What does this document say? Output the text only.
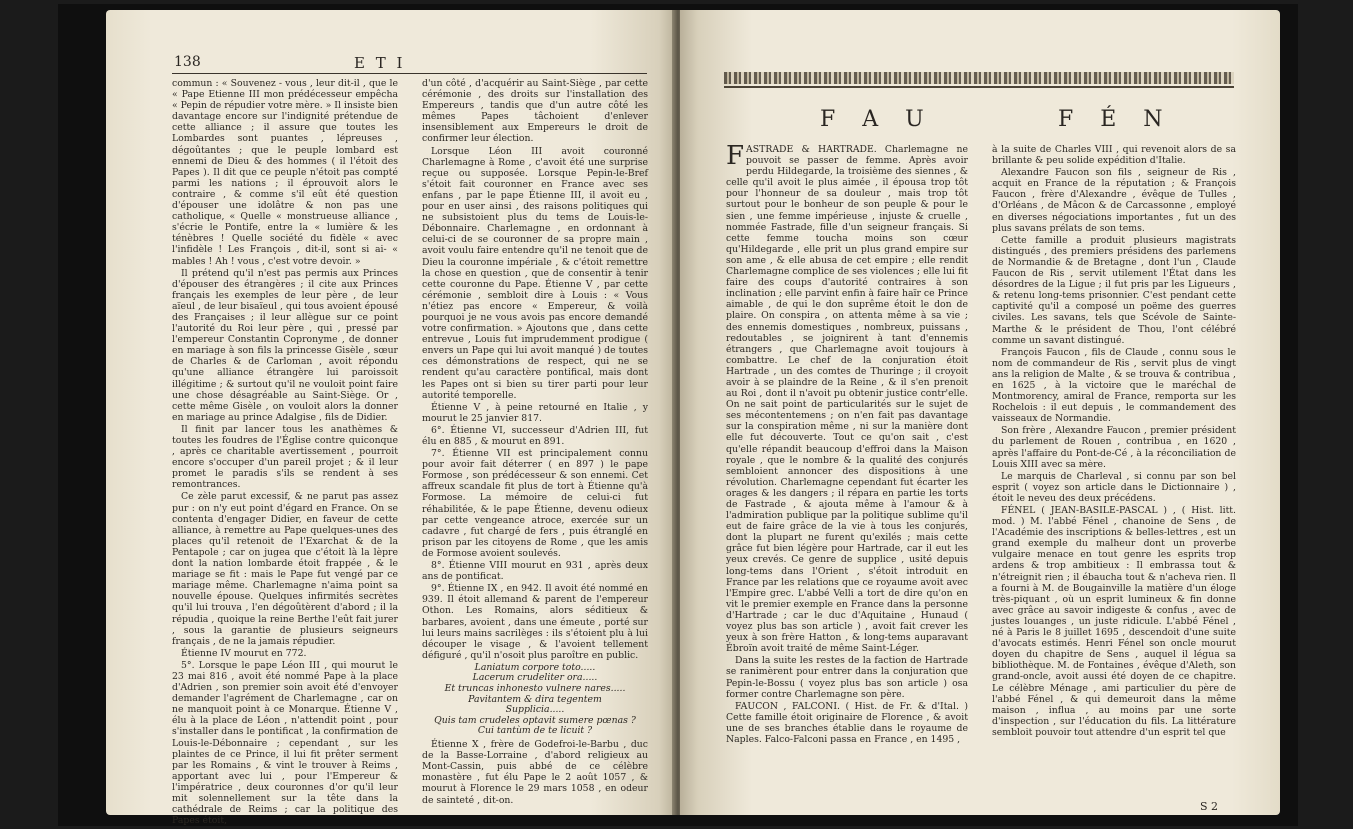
138	E T I

commun : « Souvenez - vous , leur dit-il , que le « Pape Etienne III mon prédécesseur empêcha « Pepin de répudier votre mère. » Il insiste bien davantage encore sur l'indignité prétendue de cette alliance ; il assure que toutes les Lombardes sont puantes , lépreuses , dégoûtantes ; que le peuple lombard est ennemi de Dieu & des hommes ( il l'étoit des Papes ). Il dit que ce peuple n'étoit pas compté parmi les nations ; il éprouvoit alors le contraire , & comme s'il eût été question d'épouser une idolâtre & non pas une catholique, « Quelle « monstrueuse alliance , s'écrie le Pontife, entre la « lumière & les ténèbres ! Quelle société du fidèle « avec l'infidèle ! Les François , dit-il, sont si ai- « mables ! Ah ! vous , c'est votre devoir. »

Il prétend qu'il n'est pas permis aux Princes d'épouser des étrangères ; il cite aux Princes français les exemples de leur père , de leur aïeul , de leur bisaïeul , qui tous avoient épousé des Françaises ; il leur allègue sur ce point l'autorité du Roi leur père , qui , pressé par l'empereur Constantin Copronyme , de donner en mariage à son fils la princesse Gisèle , sœur de Charles & de Carloman , avoit répondu qu'une alliance étrangère lui paroissoit illégitime ; & surtout qu'il ne vouloit point faire une chose désagréable au Saint-Siège. Or , cette même Gisèle , on vouloit alors la donner en mariage au prince Adalgise , fils de Didier.

Il finit par lancer tous les anathèmes & toutes les foudres de l'Église contre quiconque , après ce charitable avertissement , pourroit encore s'occuper d'un pareil projet ; & il leur promet le paradis s'ils se rendent à ses remontrances.

Ce zèle parut excessif, & ne parut pas assez pur : on n'y eut point d'égard en France. On se contenta d'engager Didier, en faveur de cette alliance, à remettre au Pape quelques-unes des places qu'il retenoit de l'Exarchat & de la Pentapole ; car on jugea que c'étoit là la lèpre dont la nation lombarde étoit frappée , & le mariage se fit : mais le Pape fut vengé par ce mariage même. Charlemagne n'aima point sa nouvelle épouse. Quelques infirmités secrètes qu'il lui trouva , l'en dégoûtèrent d'abord ; il la répudia , quoique la reine Berthe l'eût fait jurer , sous la garantie de plusieurs seigneurs français , de ne la jamais répudier.

Étienne IV mourut en 772.

5°. Lorsque le pape Léon III , qui mourut le 23 mai 816 , avoit été nommé Pape à la place d'Adrien , son premier soin avoit été d'envoyer demander l'agrément de Charlemagne , car on ne manquoit point à ce Monarque. Étienne V , élu à la place de Léon , n'attendit point , pour s'installer dans le pontificat , la confirmation de Louis-le-Débonnaire ; cependant , sur les plaintes de ce Prince, il lui fit prêter serment par les Romains , & vint le trouver à Reims , apportant avec lui , pour l'Empereur & l'impératrice , deux couronnes d'or qu'il leur mit solennellement sur la tête dans la cathédrale de Reims ; car la politique des Papes étoit,

d'un côté , d'acquérir au Saint-Siège , par cette cérémonie , des droits sur l'installation des Empereurs , tandis que d'un autre côté les mêmes Papes tâchoient d'enlever insensiblement aux Empereurs le droit de confirmer leur élection.

Lorsque Léon III avoit couronné Charlemagne à Rome , c'avoit été une surprise reçue ou supposée. Lorsque Pepin-le-Bref s'étoit fait couronner en France avec ses enfans , par le pape Étienne III, il avoit eu , pour en user ainsi , des raisons politiques qui ne subsistoient plus du tems de Louis-le-Débonnaire. Charlemagne , en ordonnant à celui-ci de se couronner de sa propre main , avoit voulu faire entendre qu'il ne tenoit que de Dieu la couronne impériale , & c'étoit remettre la chose en question , que de consentir à tenir cette couronne du Pape. Étienne V , par cette cérémonie , sembloit dire à Louis : « Vous n'étiez pas encore « Empereur, & voilà pourquoi je ne vous avois pas encore demandé votre confirmation. » Ajoutons que , dans cette entrevue , Louis fut imprudemment prodigue ( envers un Pape qui lui avoit manqué ) de toutes ces démonstrations de respect, qui ne se rendent qu'au caractère pontifical, mais dont les Papes ont si bien su tirer parti pour leur autorité temporelle.

Étienne V , à peine retourné en Italie , y mourut le 25 janvier 817.

6°. Étienne VI, successeur d'Adrien III, fut élu en 885 , & mourut en 891.

7°. Étienne VII est principalement connu pour avoir fait déterrer ( en 897 ) le pape Formose , son prédécesseur & son ennemi. Cet affreux scandale fit plus de tort à Étienne qu'à Formose. La mémoire de celui-ci fut réhabilitée, & le pape Étienne, devenu odieux par cette vengeance atroce, exercée sur un cadavre , fut chargé de fers , puis étranglé en prison par les citoyens de Rome , que les amis de Formose avoient soulevés.

8°. Étienne VIII mourut en 931 , après deux ans de pontificat.

9°. Étienne IX , en 942. Il avoit été nommé en 939. Il étoit allemand & parent de l'empereur Othon. Les Romains, alors séditieux & barbares, avoient , dans une émeute , porté sur lui leurs mains sacrilèges : ils s'étoient plu à lui découper le visage , & l'avoient tellement défiguré , qu'il n'osoit plus paroître en public.

Laniatum corpore toto.....
Lacerum crudeliter ora.....
Et truncas inhonesto vulnere nares.....
Pavitantem & dira tegentem
Supplicia.....
Quis tam crudeles optavit sumere pœnas ?
Cui tantùm de te licuit ?

Étienne X , frère de Godefroi-le-Barbu , duc de la Basse-Lorraine , d'abord religieux au Mont-Cassin, puis abbé de ce célèbre monastère , fut élu Pape le 2 août 1057 , & mourut à Florence le 29 mars 1058 , en odeur de sainteté , dit-on.

F A U	F É N

FASTRADE & HARTRADE. Charlemagne ne pouvoit se passer de femme. Après avoir perdu Hildegarde, la troisième des siennes , & celle qu'il avoit le plus aimée , il épousa trop tôt pour l'honneur de sa douleur , mais trop tôt surtout pour le bonheur de son peuple & pour le sien , une femme impérieuse , injuste & cruelle , nommée Fastrade, fille d'un seigneur français. Si cette femme toucha moins son cœur qu'Hildegarde , elle prit un plus grand empire sur son ame , & elle abusa de cet empire ; elle rendit Charlemagne complice de ses violences ; elle lui fit faire des coups d'autorité contraires à son inclination ; elle parvint enfin à faire haïr ce Prince aimable , de qui le don suprême étoit le don de plaire. On conspira , on attenta même à sa vie ; des ennemis domestiques , nombreux, puissans , redoutables , se joignirent à tant d'ennemis étrangers , que Charlemagne avoit toujours à combattre. Le chef de la conjuration étoit Hartrade , un des comtes de Thuringe ; il croyoit avoir à se plaindre de la Reine , & il s'en prenoit au Roi , dont il n'avoit pu obtenir justice contr'elle. On ne sait point de particularités sur le sujet de ses mécontentemens ; on n'en fait pas davantage sur la conspiration même , ni sur la manière dont elle fut découverte. Tout ce qu'on sait , c'est qu'elle répandit beaucoup d'effroi dans la Maison royale , que le nombre & la qualité des conjurés sembloient annoncer des dispositions à une révolution. Charlemagne cependant fut écarter les orages & les dangers ; il répara en partie les torts de Fastrade , & ajouta même à l'amour & à l'admiration publique par la politique sublime qu'il eut de faire grâce de la vie à tous les conjurés, dont la plupart ne furent qu'exilés ; mais cette grâce fut bien légère pour Hartrade, car il eut les yeux crevés. Ce genre de supplice , usité depuis long-tems dans l'Orient , s'étoit introduit en France par les relations que ce royaume avoit avec l'Empire grec. L'abbé Velli a tort de dire qu'on en vit le premier exemple en France dans la personne d'Hartrade ; car le duc d'Aquitaine , Hunaud ( voyez plus bas son article ) , avoit fait crever les yeux à son frère Hatton , & long-tems auparavant Ébroïn avoit traité de même Saint-Léger.

Dans la suite les restes de la faction de Hartrade se ranimèrent pour entrer dans la conjuration que Pepin-le-Bossu ( voyez plus bas son article ) osa former contre Charlemagne son père.

FAUCON , FALCONI. ( Hist. de Fr. & d'Ital. ) Cette famille étoit originaire de Florence , & avoit une de ses branches établie dans le royaume de Naples. Falco-Falconi passa en France , en 1495 ,

à la suite de Charles VIII , qui revenoit alors de sa brillante & peu solide expédition d'Italie.

Alexandre Faucon son fils , seigneur de Ris , acquit en France de la réputation ; & François Faucon , frère d'Alexandre , évêque de Tulles , d'Orléans , de Mâcon & de Carcassonne , employé en diverses négociations importantes , fut un des plus savans prélats de son tems.

Cette famille a produit plusieurs magistrats distingués , des premiers présidens des parlemens de Normandie & de Bretagne , dont l'un , Claude Faucon de Ris , servit utilement l'État dans les désordres de la Ligue ; il fut pris par les Ligueurs , & retenu long-tems prisonnier. C'est pendant cette captivité qu'il a composé un poëme des guerres civiles. Les savans, tels que Scévole de Sainte-Marthe & le président de Thou, l'ont célébré comme un savant distingué.

François Faucon , fils de Claude , connu sous le nom de commandeur de Ris , servit plus de vingt ans la religion de Malte , & se trouva & contribua , en 1625 , à la victoire que le maréchal de Montmorency, amiral de France, remporta sur les Rochelois : il eut depuis , le commandement des vaisseaux de Normandie.

Son frère , Alexandre Faucon , premier président du parlement de Rouen , contribua , en 1620 , après l'affaire du Pont-de-Cé , à la réconciliation de Louis XIII avec sa mère.

Le marquis de Charleval , si connu par son bel esprit ( voyez son article dans le Dictionnaire ) , étoit le neveu des deux précédens.

FÉNEL ( JEAN-BASILE-PASCAL ) , ( Hist. litt. mod. ) M. l'abbé Fénel , chanoine de Sens , de l'Académie des inscriptions & belles-lettres , est un grand exemple du malheur dont un proverbe vulgaire menace en tout genre les esprits trop ardens & trop ambitieux : Il embrassa tout & n'étreignit rien ; il ébaucha tout & n'acheva rien. Il a fourni à M. de Bougainville la matière d'un éloge très-piquant , où un esprit lumineux & fin donne avec grâce au savoir indigeste & confus , avec de justes louanges , un juste ridicule. L'abbé Fénel , né à Paris le 8 juillet 1695 , descendoit d'une suite d'avocats estimés. Henri Fénel son oncle mourut doyen du chapitre de Sens , auquel il légua sa bibliothèque. M. de Fontaines , évêque d'Aleth, son grand-oncle, avoit aussi été doyen de ce chapitre. Le célèbre Ménage , ami particulier du père de l'abbé Fénel , & qui demeuroit dans la même maison , influa , au moins par une sorte d'inspection , sur l'éducation du fils. La littérature sembloit pouvoir tout attendre d'un esprit tel que

S 2
